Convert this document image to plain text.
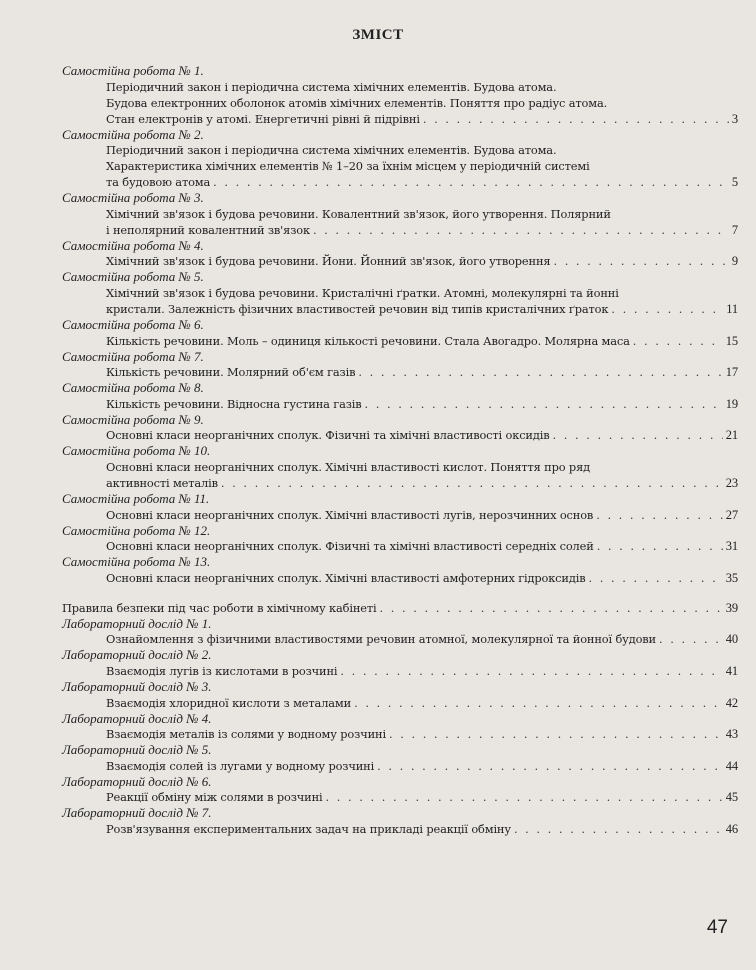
ЗМІСТ
Самостійна робота № 1.
Періодичний закон і періодична система хімічних елементів. Будова атома.
Будова електронних оболонок атомів хімічних елементів. Поняття про радіус атома.
Стан електронів у атомі. Енергетичні рівні й підрівні . . .	3
Самостійна робота № 2.
Періодичний закон і періодична система хімічних елементів. Будова атома.
Характеристика хімічних елементів № 1–20 за їхнім місцем у періодичній системі
та будовою атома . . .	5
Самостійна робота № 3.
Хімічний зв'язок і будова речовини. Ковалентний зв'язок, його утворення. Полярний
і неполярний ковалентний зв'язок . . .	7
Самостійна робота № 4.
Хімічний зв'язок і будова речовини. Йони. Йонний зв'язок, його утворення . . .	9
Самостійна робота № 5.
Хімічний зв'язок і будова речовини. Кристалічні ґратки. Атомні, молекулярні та йонні
кристали. Залежність фізичних властивостей речовин від типів кристалічних ґраток . . .	11
Самостійна робота № 6.
Кількість речовини. Моль – одиниця кількості речовини. Стала Авогадро. Молярна маса . . .	15
Самостійна робота № 7.
Кількість речовини. Молярний об'єм газів . . .	17
Самостійна робота № 8.
Кількість речовини. Відносна густина газів . . .	19
Самостійна робота № 9.
Основні класи неорганічних сполук. Фізичні та хімічні властивості оксидів . . .	21
Самостійна робота № 10.
Основні класи неорганічних сполук. Хімічні властивості кислот. Поняття про ряд
активності металів . . .	23
Самостійна робота № 11.
Основні класи неорганічних сполук. Хімічні властивості лугів, нерозчинних основ . . .	27
Самостійна робота № 12.
Основні класи неорганічних сполук. Фізичні та хімічні властивості середніх солей . . .	31
Самостійна робота № 13.
Основні класи неорганічних сполук. Хімічні властивості амфотерних гідроксидів . . .	35
Правила безпеки під час роботи в хімічному кабінеті . . .	39
Лабораторний дослід № 1.
Ознайомлення з фізичними властивостями речовин атомної, молекулярної та йонної будови . . .	40
Лабораторний дослід № 2.
Взаємодія лугів із кислотами в розчині . . .	41
Лабораторний дослід № 3.
Взаємодія хлоридної кислоти з металами . . .	42
Лабораторний дослід № 4.
Взаємодія металів із солями у водному розчині . . .	43
Лабораторний дослід № 5.
Взаємодія солей із лугами у водному розчині . . .	44
Лабораторний дослід № 6.
Реакції обміну між солями в розчині . . .	45
Лабораторний дослід № 7.
Розв'язування експериментальних задач на прикладі реакції обміну . . .	46
47
